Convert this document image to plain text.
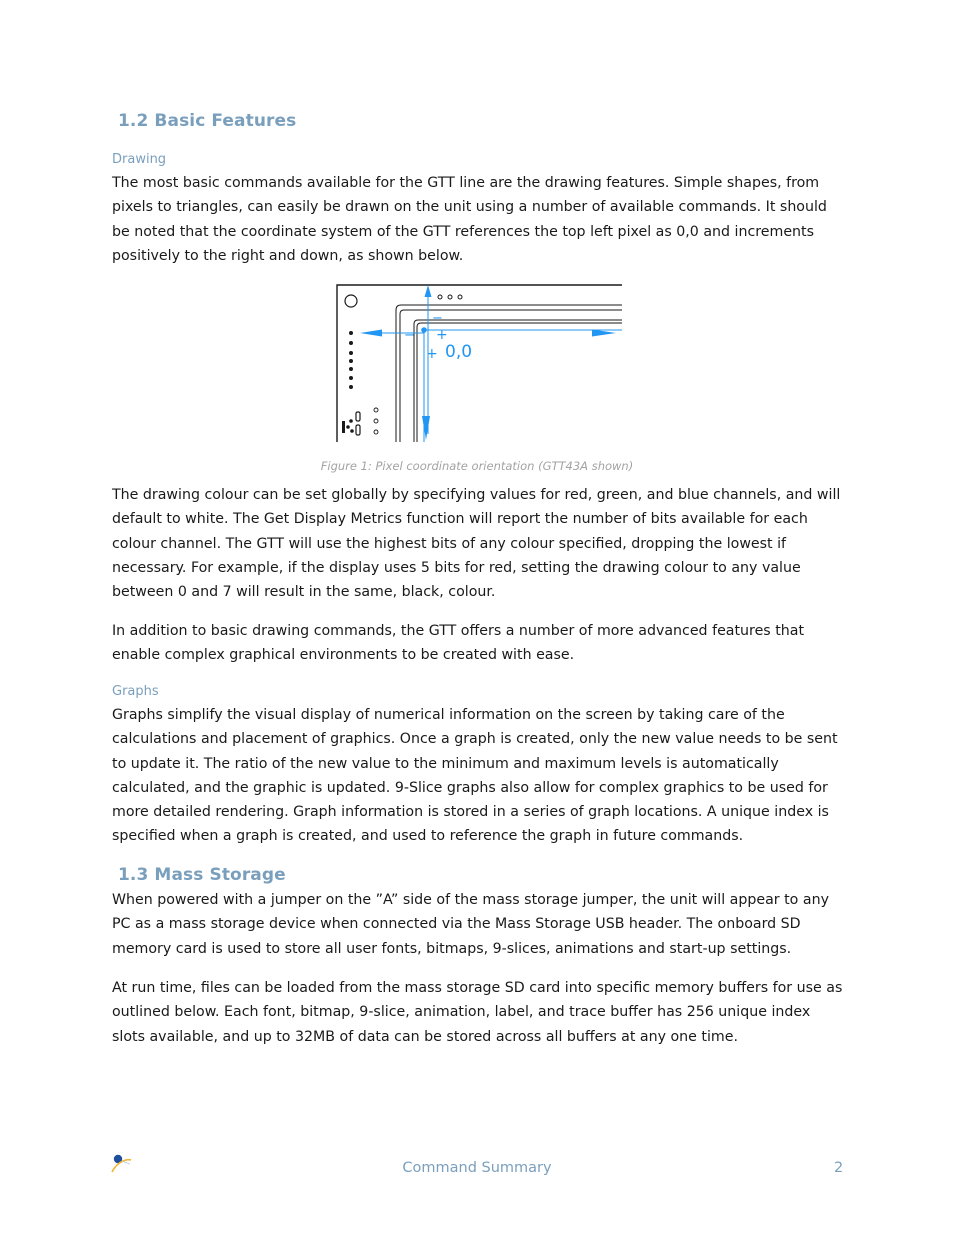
1.2 Basic Features
Drawing

The most basic commands available for the GTT line are the drawing features. Simple shapes, from pixels to triangles, can easily be drawn on the unit using a number of available commands. It should be noted that the coordinate system of the GTT references the top left pixel as 0,0 and increments positively to the right and down, as shown below.

−
− +
+ 0,0
Figure 1: Pixel coordinate orientation (GTT43A shown)

The drawing colour can be set globally by specifying values for red, green, and blue channels, and will default to white. The Get Display Metrics function will report the number of bits available for each colour channel. The GTT will use the highest bits of any colour specified, dropping the lowest if necessary. For example, if the display uses 5 bits for red, setting the drawing colour to any value between 0 and 7 will result in the same, black, colour.

In addition to basic drawing commands, the GTT offers a number of more advanced features that enable complex graphical environments to be created with ease.

Graphs

Graphs simplify the visual display of numerical information on the screen by taking care of the calculations and placement of graphics. Once a graph is created, only the new value needs to be sent to update it. The ratio of the new value to the minimum and maximum levels is automatically calculated, and the graphic is updated. 9-Slice graphs also allow for complex graphics to be used for more detailed rendering. Graph information is stored in a series of graph locations. A unique index is specified when a graph is created, and used to reference the graph in future commands.

1.3 Mass Storage

When powered with a jumper on the ”A” side of the mass storage jumper, the unit will appear to any PC as a mass storage device when connected via the Mass Storage USB header. The onboard SD memory card is used to store all user fonts, bitmaps, 9-slices, animations and start-up settings.

At run time, files can be loaded from the mass storage SD card into specific memory buffers for use as outlined below. Each font, bitmap, 9-slice, animation, label, and trace buffer has 256 unique index slots available, and up to 32MB of data can be stored across all buffers at any one time.

Command Summary	2
